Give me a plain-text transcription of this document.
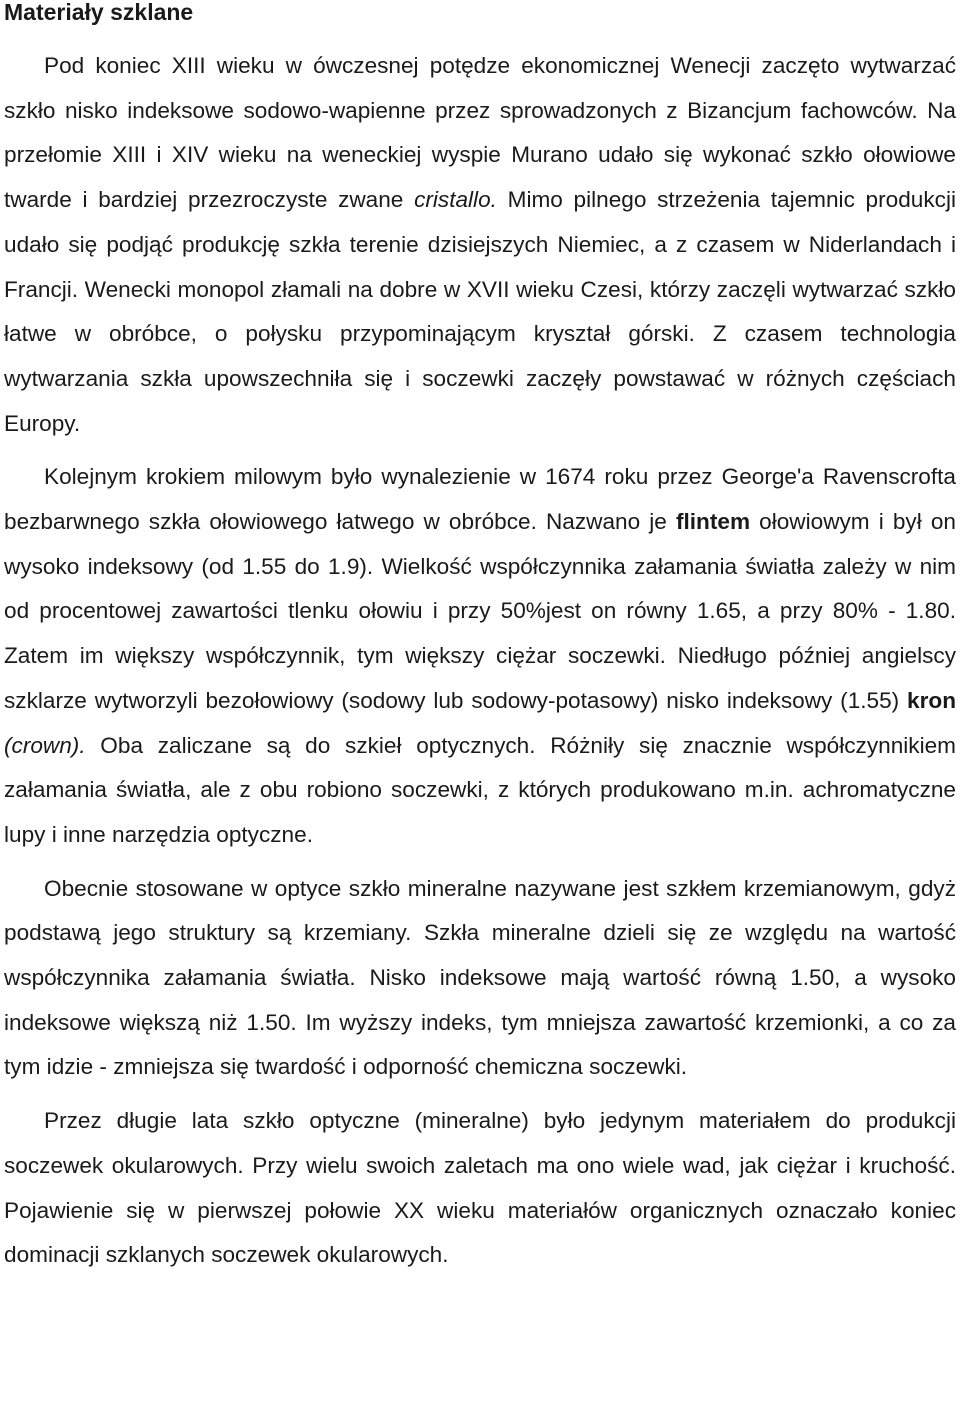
Materiały szklane

Pod koniec XIII wieku w ówczesnej potędze ekonomicznej Wenecji zaczęto wytwarzać szkło nisko indeksowe sodowo-wapienne przez sprowadzonych z Bizancjum fachowców. Na przełomie XIII i XIV wieku na weneckiej wyspie Murano udało się wykonać szkło ołowiowe twarde i bardziej przezroczyste zwane cristallo. Mimo pilnego strzeżenia tajemnic produkcji udało się podjąć produkcję szkła terenie dzisiejszych Niemiec, a z czasem w Niderlandach i Francji. Wenecki monopol złamali na dobre w XVII wieku Czesi, którzy zaczęli wytwarzać szkło łatwe w obróbce, o połysku przypominającym kryształ górski. Z czasem technologia wytwarzania szkła upowszechniła się i soczewki zaczęły powstawać w różnych częściach Europy.

Kolejnym krokiem milowym było wynalezienie w 1674 roku przez George'a Ravenscrofta bezbarwnego szkła ołowiowego łatwego w obróbce. Nazwano je flintem ołowiowym i był on wysoko indeksowy (od 1.55 do 1.9). Wielkość współczynnika załamania światła zależy w nim od procentowej zawartości tlenku ołowiu i przy 50%jest on równy 1.65, a przy 80% - 1.80. Zatem im większy współczynnik, tym większy ciężar soczewki. Niedługo później angielscy szklarze wytworzyli bezołowiowy (sodowy lub sodowy-potasowy) nisko indeksowy (1.55) kron (crown). Oba zaliczane są do szkieł optycznych. Różniły się znacznie współczynnikiem załamania światła, ale z obu robiono soczewki, z których produkowano m.in. achromatyczne lupy i inne narzędzia optyczne.

Obecnie stosowane w optyce szkło mineralne nazywane jest szkłem krzemianowym, gdyż podstawą jego struktury są krzemiany. Szkła mineralne dzieli się ze względu na wartość współczynnika załamania światła. Nisko indeksowe mają wartość równą 1.50, a wysoko indeksowe większą niż 1.50. Im wyższy indeks, tym mniejsza zawartość krzemionki, a co za tym idzie - zmniejsza się twardość i odporność chemiczna soczewki.

Przez długie lata szkło optyczne (mineralne) było jedynym materiałem do produkcji soczewek okularowych. Przy wielu swoich zaletach ma ono wiele wad, jak ciężar i kruchość. Pojawienie się w pierwszej połowie XX wieku materiałów organicznych oznaczało koniec dominacji szklanych soczewek okularowych.
